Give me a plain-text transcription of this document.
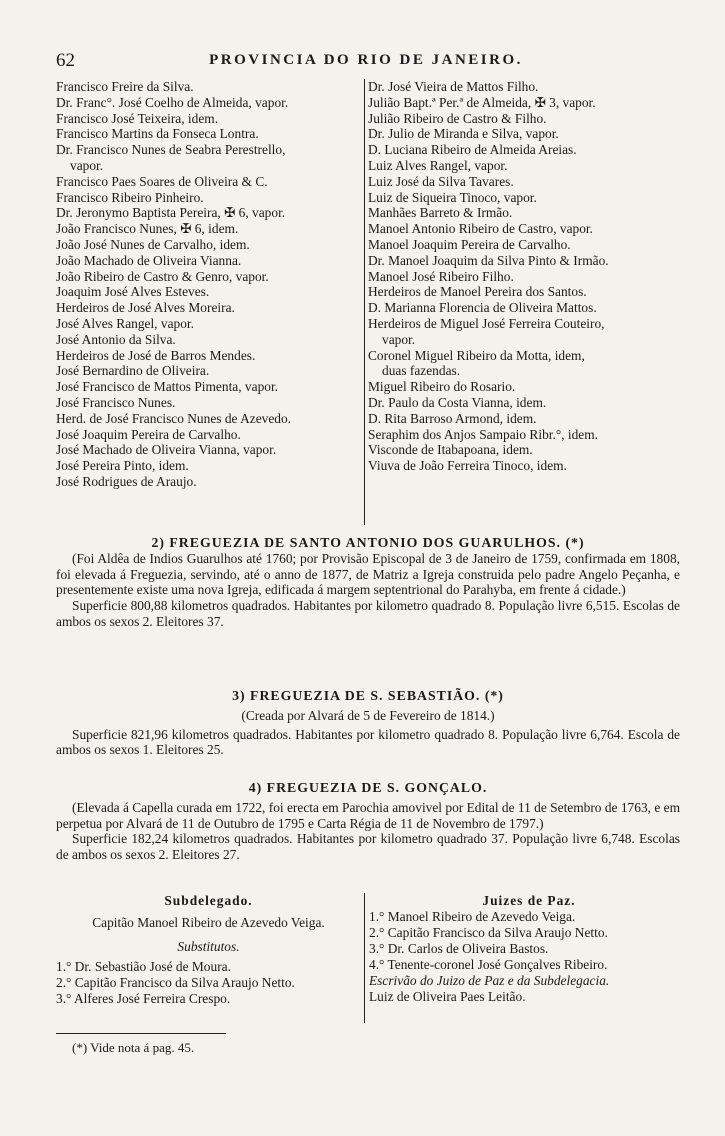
62	PROVINCIA DO RIO DE JANEIRO.
Francisco Freire da Silva.
Dr. Franc°. José Coelho de Almeida, vapor.
Francisco José Teixeira, idem.
Francisco Martins da Fonseca Lontra.
Dr. Francisco Nunes de Seabra Perestrello,
vapor.
Francisco Paes Soares de Oliveira & C.
Francisco Ribeiro Pinheiro.
Dr. Jeronymo Baptista Pereira, ✠ 6, vapor.
João Francisco Nunes, ✠ 6, idem.
João José Nunes de Carvalho, idem.
João Machado de Oliveira Vianna.
João Ribeiro de Castro & Genro, vapor.
Joaquim José Alves Esteves.
Herdeiros de José Alves Moreira.
José Alves Rangel, vapor.
José Antonio da Silva.
Herdeiros de José de Barros Mendes.
José Bernardino de Oliveira.
José Francisco de Mattos Pimenta, vapor.
José Francisco Nunes.
Herd. de José Francisco Nunes de Azevedo.
José Joaquim Pereira de Carvalho.
José Machado de Oliveira Vianna, vapor.
José Pereira Pinto, idem.
José Rodrigues de Araujo.
Dr. José Vieira de Mattos Filho.
Julião Bapt.ª Per.ª de Almeida, ✠ 3, vapor.
Julião Ribeiro de Castro & Filho.
Dr. Julio de Miranda e Silva, vapor.
D. Luciana Ribeiro de Almeida Areias.
Luiz Alves Rangel, vapor.
Luiz José da Silva Tavares.
Luiz de Siqueira Tinoco, vapor.
Manhães Barreto & Irmão.
Manoel Antonio Ribeiro de Castro, vapor.
Manoel Joaquim Pereira de Carvalho.
Dr. Manoel Joaquim da Silva Pinto & Irmão.
Manoel José Ribeiro Filho.
Herdeiros de Manoel Pereira dos Santos.
D. Marianna Florencia de Oliveira Mattos.
Herdeiros de Miguel José Ferreira Couteiro,
vapor.
Coronel Miguel Ribeiro da Motta, idem,
duas fazendas.
Miguel Ribeiro do Rosario.
Dr. Paulo da Costa Vianna, idem.
D. Rita Barroso Armond, idem.
Seraphim dos Anjos Sampaio Ribr.°, idem.
Visconde de Itabapoana, idem.
Viuva de João Ferreira Tinoco, idem.
2) FREGUEZIA DE SANTO ANTONIO DOS GUARULHOS. (*)
(Foi Aldêa de Indios Guarulhos até 1760; por Provisão Episcopal de 3 de Janeiro de 1759, confirmada em 1808, foi elevada á Freguezia, servindo, até o anno de 1877, de Matriz a Igreja construida pelo padre Angelo Peçanha, e presentemente existe uma nova Igreja, edificada á margem septentrional do Parahyba, em frente á cidade.)
Superficie 800,88 kilometros quadrados. Habitantes por kilometro quadrado 8. População livre 6,515. Escolas de ambos os sexos 2. Eleitores 37.
3) FREGUEZIA DE S. SEBASTIÃO. (*)
(Creada por Alvará de 5 de Fevereiro de 1814.)
Superficie 821,96 kilometros quadrados. Habitantes por kilometro quadrado 8. População livre 6,764. Escola de ambos os sexos 1. Eleitores 25.
4) FREGUEZIA DE S. GONÇALO.
(Elevada á Capella curada em 1722, foi erecta em Parochia amovivel por Edital de 11 de Setembro de 1763, e em perpetua por Alvará de 11 de Outubro de 1795 e Carta Régia de 11 de Novembro de 1797.)
Superficie 182,24 kilometros quadrados. Habitantes por kilometro quadrado 37. População livre 6,748. Escolas de ambos os sexos 2. Eleitores 27.
Subdelegado.
Capitão Manoel Ribeiro de Azevedo Veiga.
Substitutos.
1.° Dr. Sebastião José de Moura.
2.° Capitão Francisco da Silva Araujo Netto.
3.° Alferes José Ferreira Crespo.
Juizes de Paz.
1.° Manoel Ribeiro de Azevedo Veiga.
2.° Capitão Francisco da Silva Araujo Netto.
3.° Dr. Carlos de Oliveira Bastos.
4.° Tenente-coronel José Gonçalves Ribeiro.
Escrivão do Juizo de Paz e da Subdelegacia.
Luiz de Oliveira Paes Leitão.
(*) Vide nota á pag. 45.
